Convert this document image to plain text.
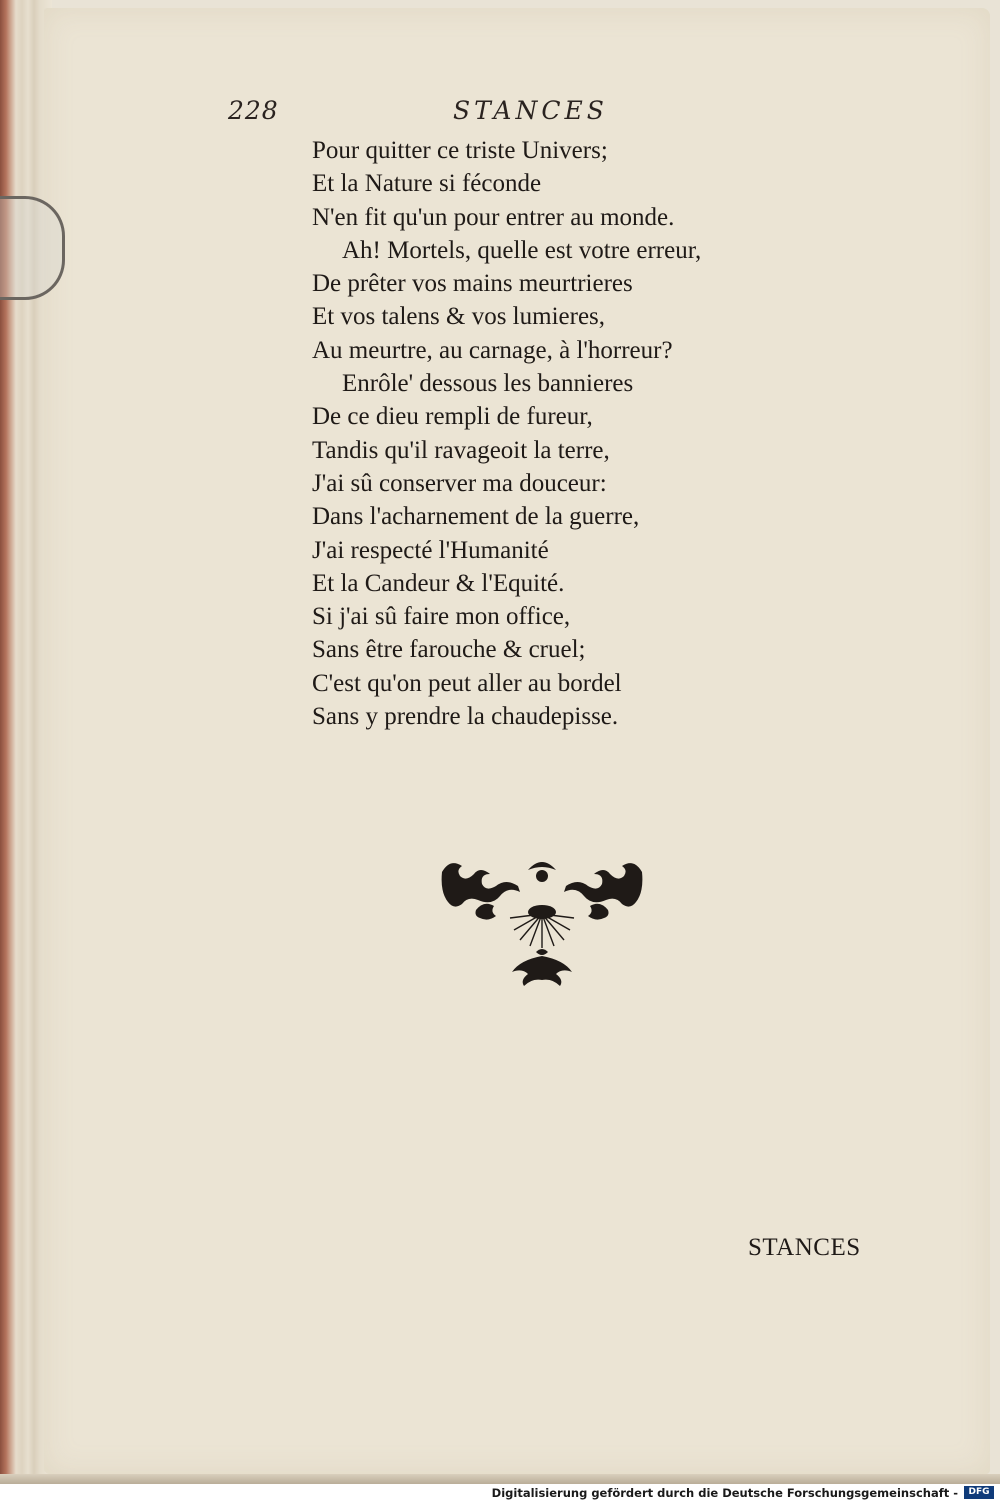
228	STANCES
Pour quitter ce triste Univers;
Et la Nature si féconde
N'en fit qu'un pour entrer au monde.
Ah! Mortels, quelle est votre erreur,
De prêter vos mains meurtrieres
Et vos talens & vos lumieres,
Au meurtre, au carnage, à l'horreur?
Enrôle' dessous les bannieres
De ce dieu rempli de fureur,
Tandis qu'il ravageoit la terre,
J'ai sû conserver ma douceur:
Dans l'acharnement de la guerre,
J'ai respecté l'Humanité
Et la Candeur & l'Equité.
Si j'ai sû faire mon office,
Sans être farouche & cruel;
C'est qu'on peut aller au bordel
Sans y prendre la chaudepisse.
STANCES
Digitalisierung gefördert durch die Deutsche Forschungsgemeinschaft -	DFG
